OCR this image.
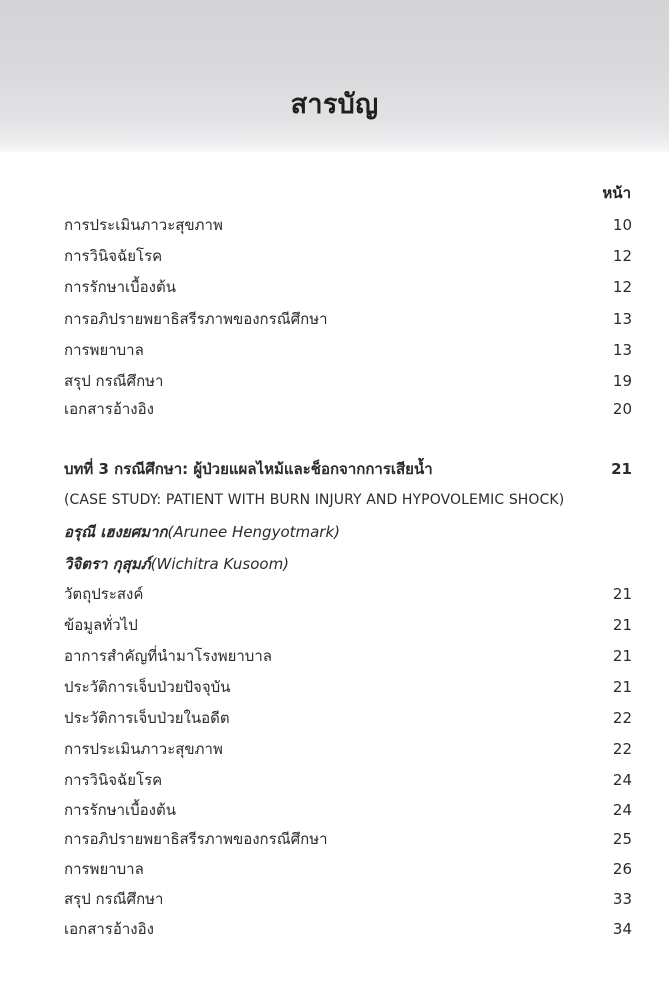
สารบัญ
หน้า
การประเมินภาวะสุขภาพ	10
การวินิจฉัยโรค	12
การรักษาเบื้องต้น	12
การอภิปรายพยาธิสรีรภาพของกรณีศึกษา	13
การพยาบาล	13
สรุป กรณีศึกษา	19
เอกสารอ้างอิง	20
บทที่ 3 กรณีศึกษา: ผู้ป่วยแผลไหม้และช็อกจากการเสียน้ำ	21
(CASE STUDY: PATIENT WITH BURN INJURY AND HYPOVOLEMIC SHOCK)
อรุณี เฮงยศมาก (Arunee Hengyotmark)
วิจิตรา กุสุมภ์ (Wichitra Kusoom)
วัตถุประสงค์	21
ข้อมูลทั่วไป	21
อาการสำคัญที่นำมาโรงพยาบาล	21
ประวัติการเจ็บป่วยปัจจุบัน	21
ประวัติการเจ็บป่วยในอดีต	22
การประเมินภาวะสุขภาพ	22
การวินิจฉัยโรค	24
การรักษาเบื้องต้น	24
การอภิปรายพยาธิสรีรภาพของกรณีศึกษา	25
การพยาบาล	26
สรุป กรณีศึกษา	33
เอกสารอ้างอิง	34
